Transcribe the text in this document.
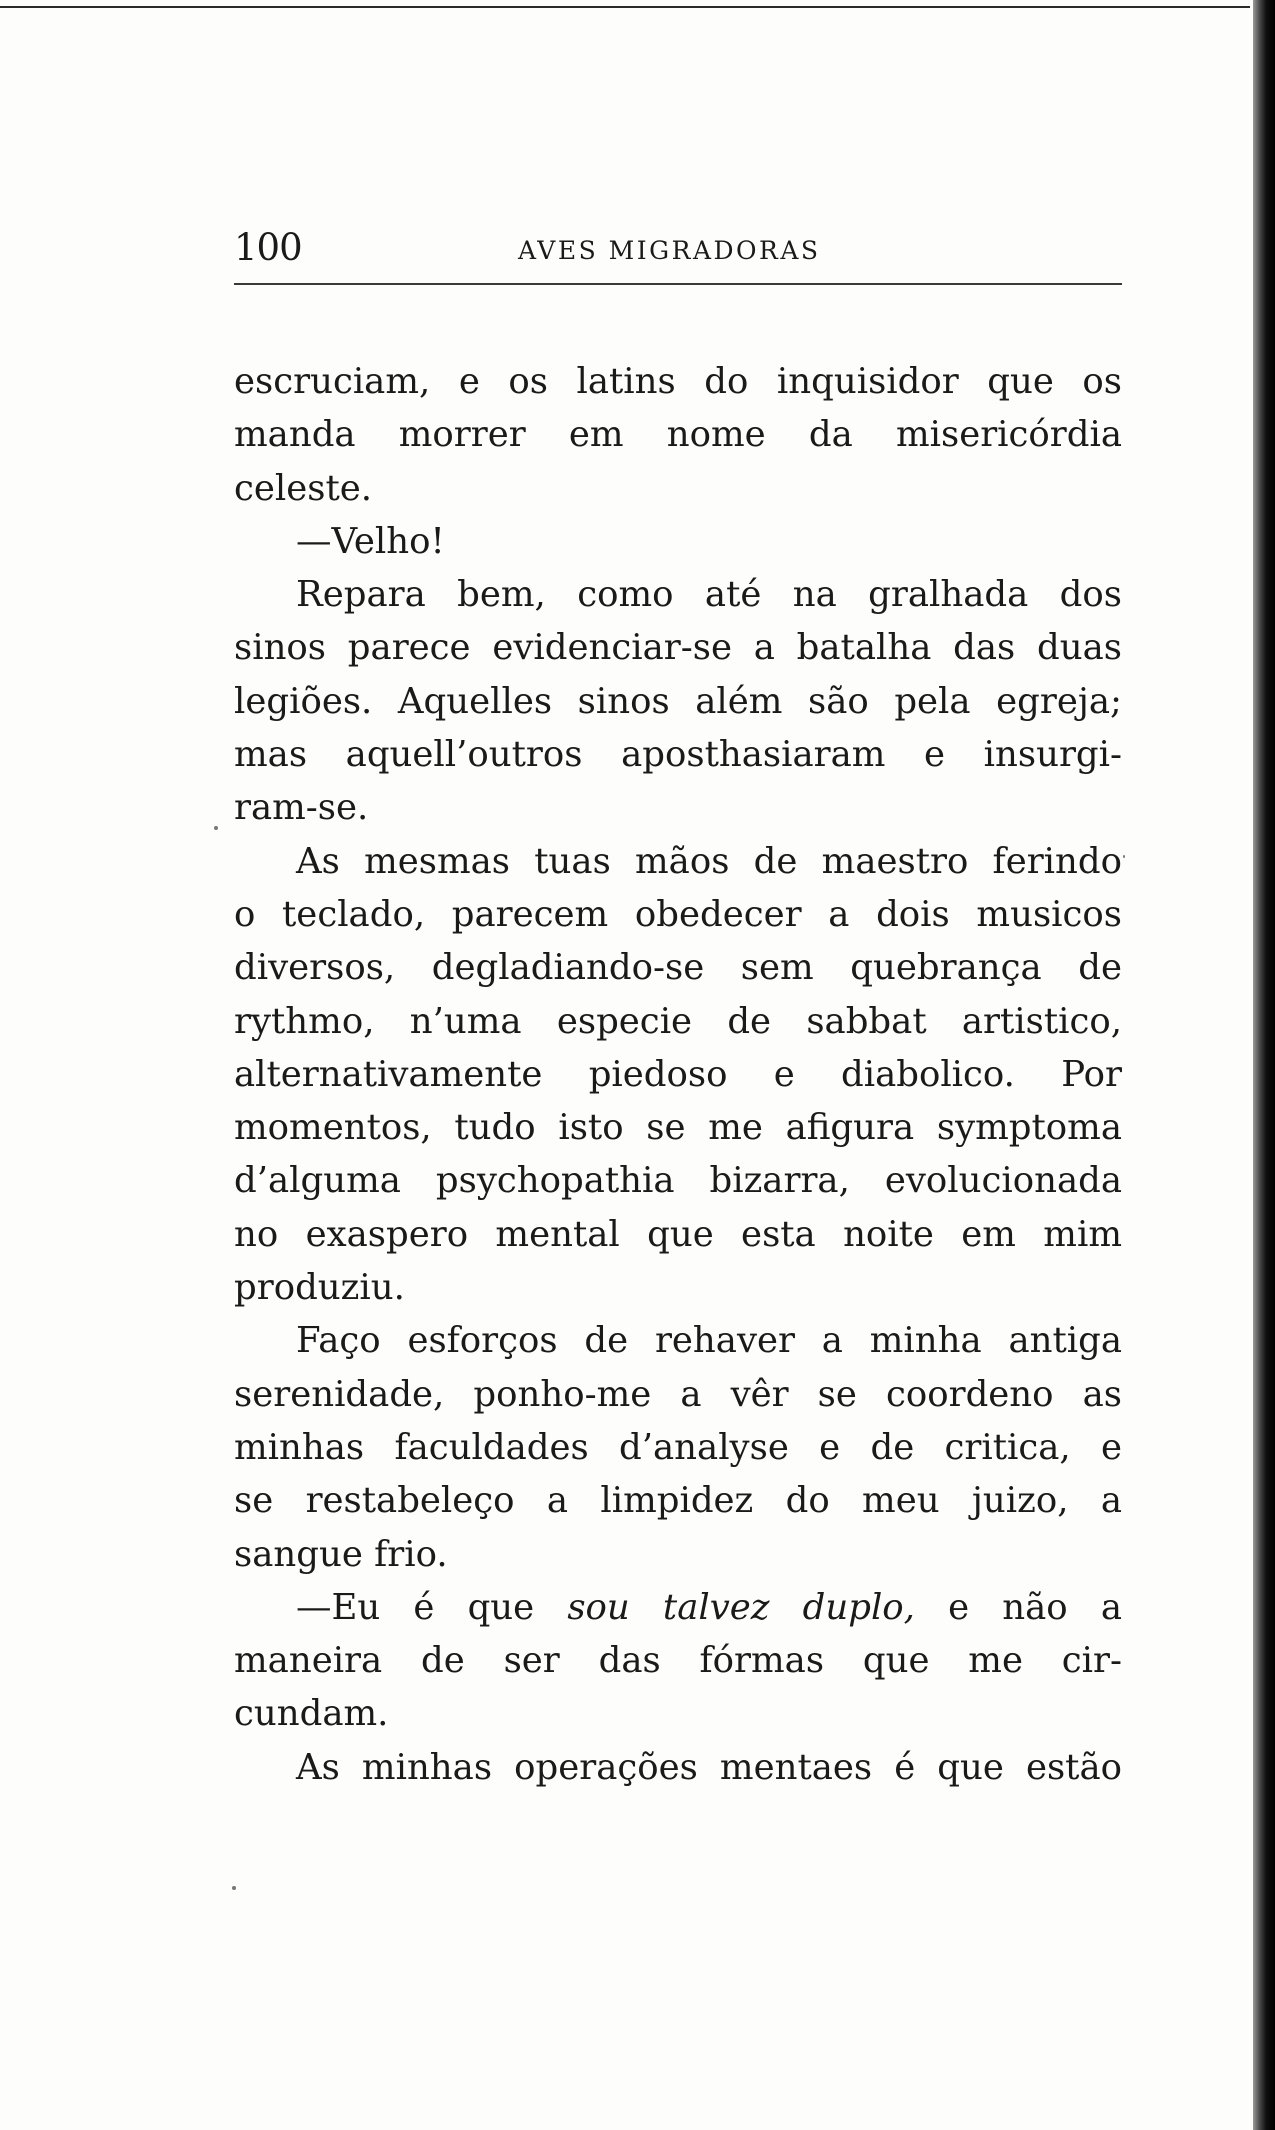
100	AVES MIGRADORAS
escruciam, e os latins do inquisidor que os
manda morrer em nome da misericórdia
celeste.
—Velho!
Repara bem, como até na gralhada dos
sinos parece evidenciar-se a batalha das duas
legiões. Aquelles sinos além são pela egreja;
mas aquell’outros aposthasiaram e insurgi-
ram-se.
As mesmas tuas mãos de maestro ferindo
o teclado, parecem obedecer a dois musicos
diversos, degladiando-se sem quebrança de
rythmo, n’uma especie de sabbat artistico,
alternativamente piedoso e diabolico. Por
momentos, tudo isto se me afigura symptoma
d’alguma psychopathia bizarra, evolucionada
no exaspero mental que esta noite em mim
produziu.
Faço esforços de rehaver a minha antiga
serenidade, ponho-me a vêr se coordeno as
minhas faculdades d’analyse e de critica, e
se restabeleço a limpidez do meu juizo, a
sangue frio.
—Eu é que sou talvez duplo, e não a
maneira de ser das fórmas que me cir-
cundam.
As minhas operações mentaes é que estão
